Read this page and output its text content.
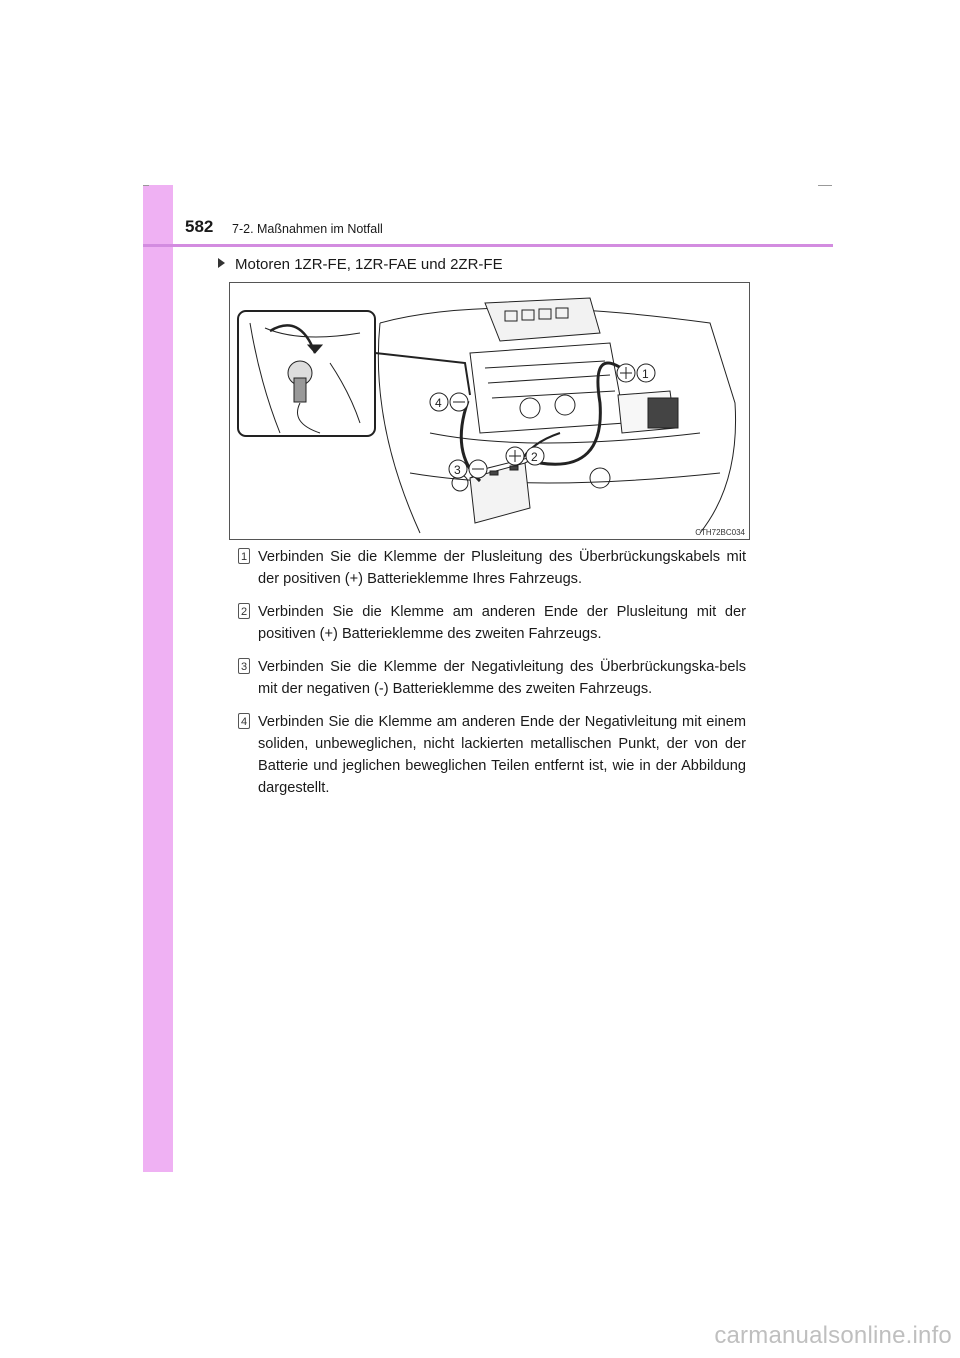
582 7-2. Maßnahmen im Notfall
Motoren 1ZR-FE, 1ZR-FAE und 2ZR-FE
1
4
2
3
CTH72BC034
1 Verbinden Sie die Klemme der Plusleitung des Überbrückungskabels mit der positiven (+) Batterieklemme Ihres Fahrzeugs.
2 Verbinden Sie die Klemme am anderen Ende der Plusleitung mit der positiven (+) Batterieklemme des zweiten Fahrzeugs.
3 Verbinden Sie die Klemme der Negativleitung des Überbrückungska-bels mit der negativen (-) Batterieklemme des zweiten Fahrzeugs.
4 Verbinden Sie die Klemme am anderen Ende der Negativleitung mit einem soliden, unbeweglichen, nicht lackierten metallischen Punkt, der von der Batterie und jeglichen beweglichen Teilen entfernt ist, wie in der Abbildung dargestellt.
carmanualsonline.info
